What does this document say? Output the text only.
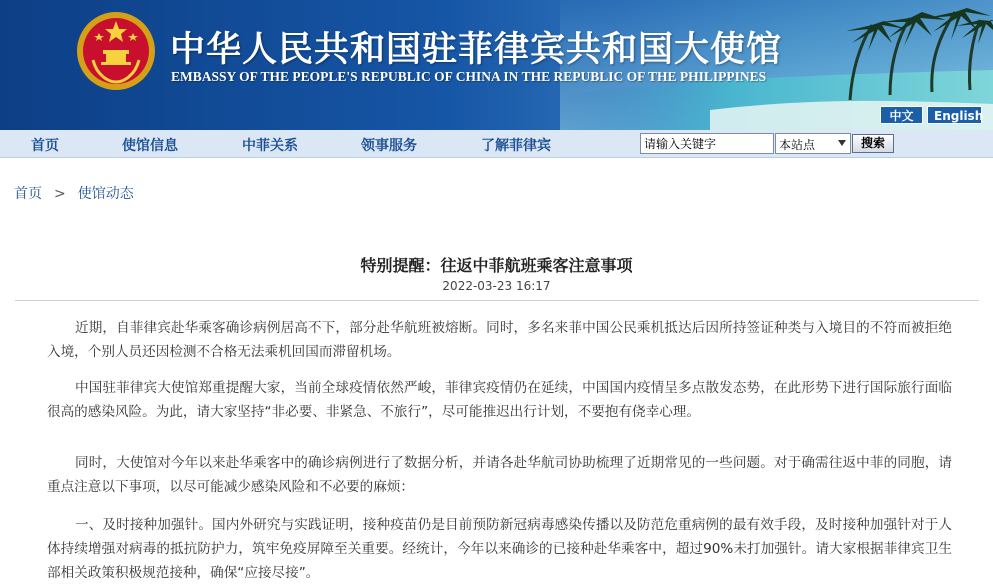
中华人民共和国驻菲律宾共和国大使馆
EMBASSY OF THE PEOPLE'S REPUBLIC OF CHINA IN THE REPUBLIC OF THE PHILIPPINES
中文	English
首页	使馆信息	中菲关系	领事服务	了解菲律宾
请输入关键字	本站点	搜索
首页 > 使馆动态
特别提醒：往返中菲航班乘客注意事项
2022-03-23 16:17

近期，自菲律宾赴华乘客确诊病例居高不下，部分赴华航班被熔断。同时，多名来菲中国公民乘机抵达后因所持签证种类与入境目的不符而被拒绝入境，个别人员还因检测不合格无法乘机回国而滞留机场。

中国驻菲律宾大使馆郑重提醒大家，当前全球疫情依然严峻，菲律宾疫情仍在延续，中国国内疫情呈多点散发态势，在此形势下进行国际旅行面临很高的感染风险。为此，请大家坚持“非必要、非紧急、不旅行”，尽可能推迟出行计划，不要抱有侥幸心理。

同时，大使馆对今年以来赴华乘客中的确诊病例进行了数据分析，并请各赴华航司协助梳理了近期常见的一些问题。对于确需往返中菲的同胞，请重点注意以下事项，以尽可能减少感染风险和不必要的麻烦：

一、及时接种加强针。国内外研究与实践证明，接种疫苗仍是目前预防新冠病毒感染传播以及防范危重病例的最有效手段，及时接种加强针对于人体持续增强对病毒的抵抗防护力，筑牢免疫屏障至关重要。经统计，今年以来确诊的已接种赴华乘客中，超过90%未打加强针。请大家根据菲律宾卫生部相关政策积极规范接种，确保“应接尽接”。
